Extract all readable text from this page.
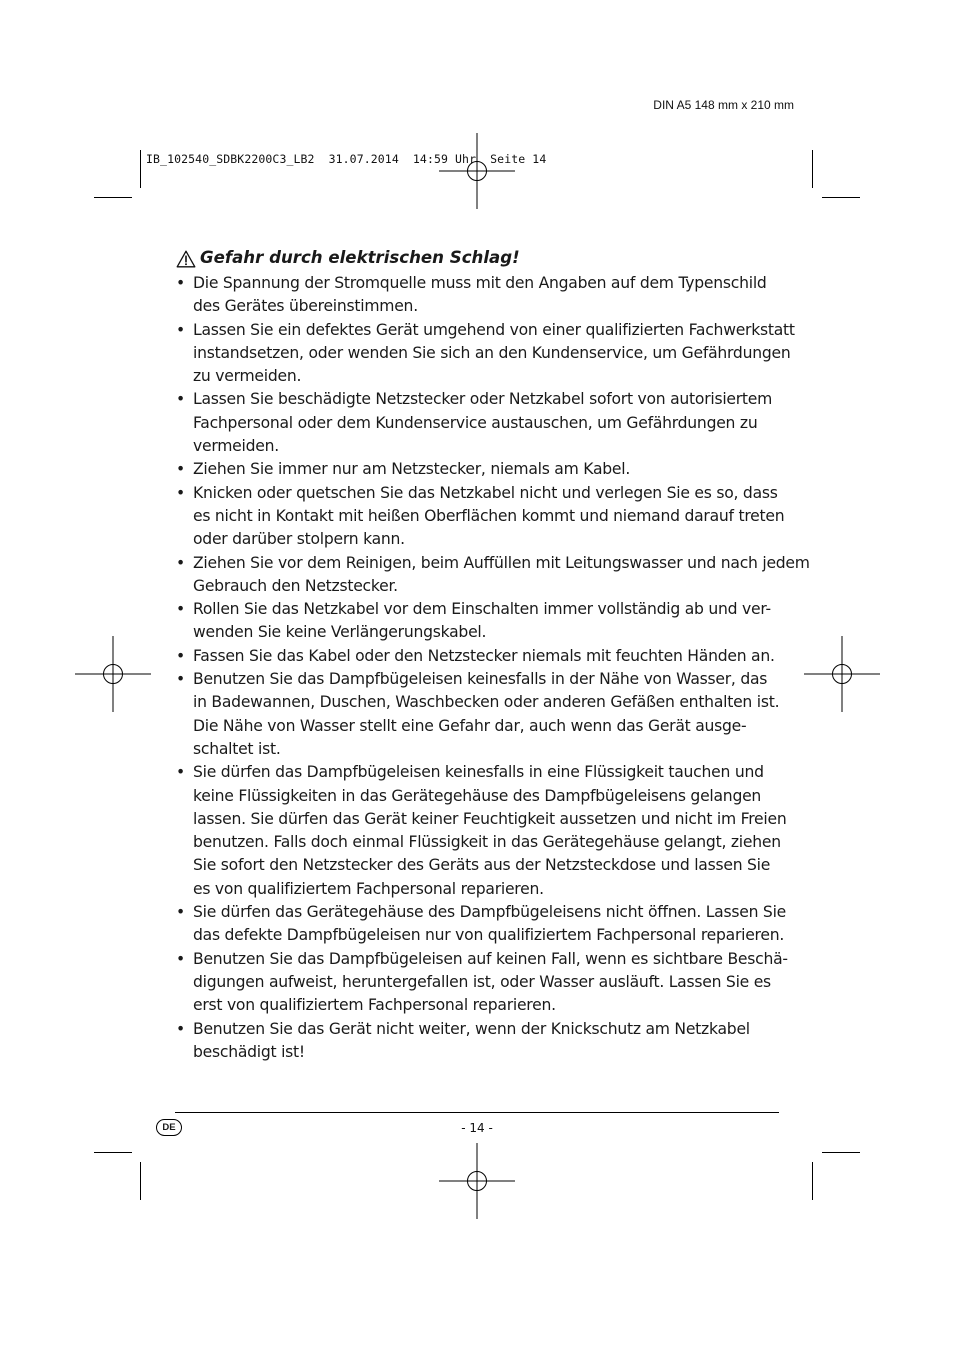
DIN A5 148 mm x 210 mm
IB_102540_SDBK2200C3_LB2  31.07.2014  14:59 Uhr  Seite 14
Gefahr durch elektrischen Schlag!
• Die Spannung der Stromquelle muss mit den Angaben auf dem Typenschild
des Gerätes übereinstimmen.
• Lassen Sie ein defektes Gerät umgehend von einer qualifizierten Fachwerkstatt
instandsetzen, oder wenden Sie sich an den Kundenservice, um Gefährdungen
zu vermeiden.
• Lassen Sie beschädigte Netzstecker oder Netzkabel sofort von autorisiertem
Fachpersonal oder dem Kundenservice austauschen, um Gefährdungen zu
vermeiden.
• Ziehen Sie immer nur am Netzstecker, niemals am Kabel.
• Knicken oder quetschen Sie das Netzkabel nicht und verlegen Sie es so, dass
es nicht in Kontakt mit heißen Oberflächen kommt und niemand darauf treten
oder darüber stolpern kann.
• Ziehen Sie vor dem Reinigen, beim Auffüllen mit Leitungswasser und nach jedem
Gebrauch den Netzstecker.
• Rollen Sie das Netzkabel vor dem Einschalten immer vollständig ab und ver-
wenden Sie keine Verlängerungskabel.
• Fassen Sie das Kabel oder den Netzstecker niemals mit feuchten Händen an.
• Benutzen Sie das Dampfbügeleisen keinesfalls in der Nähe von Wasser, das
in Badewannen, Duschen, Waschbecken oder anderen Gefäßen enthalten ist.
Die Nähe von Wasser stellt eine Gefahr dar, auch wenn das Gerät ausge-
schaltet ist.
• Sie dürfen das Dampfbügeleisen keinesfalls in eine Flüssigkeit tauchen und
keine Flüssigkeiten in das Gerätegehäuse des Dampfbügeleisens gelangen
lassen. Sie dürfen das Gerät keiner Feuchtigkeit aussetzen und nicht im Freien
benutzen. Falls doch einmal Flüssigkeit in das Gerätegehäuse gelangt, ziehen
Sie sofort den Netzstecker des Geräts aus der Netzsteckdose und lassen Sie
es von qualifiziertem Fachpersonal reparieren.
• Sie dürfen das Gerätegehäuse des Dampfbügeleisens nicht öffnen. Lassen Sie
das defekte Dampfbügeleisen nur von qualifiziertem Fachpersonal reparieren.
• Benutzen Sie das Dampfbügeleisen auf keinen Fall, wenn es sichtbare Beschä-
digungen aufweist, heruntergefallen ist, oder Wasser ausläuft. Lassen Sie es
erst von qualifiziertem Fachpersonal reparieren.
• Benutzen Sie das Gerät nicht weiter, wenn der Knickschutz am Netzkabel
beschädigt ist!
DE	- 14 -
